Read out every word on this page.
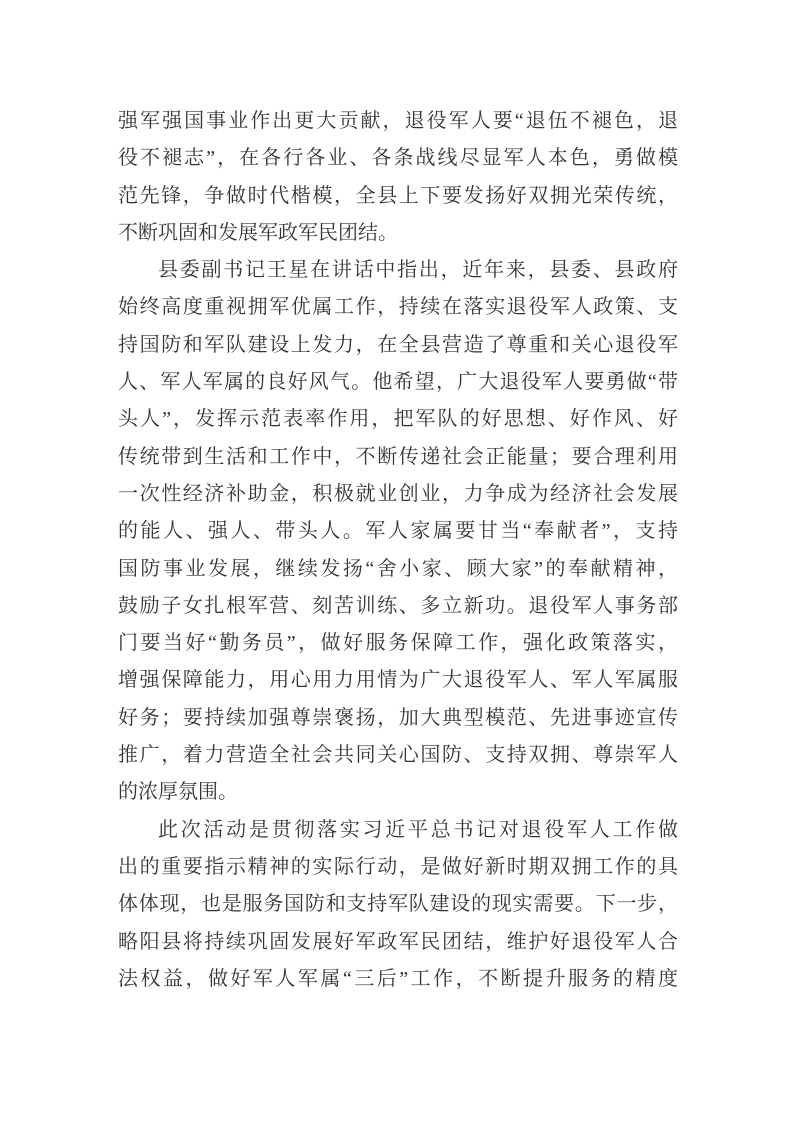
强军强国事业作出更大贡献，退役军人要“退伍不褪色，退
役不褪志”，在各行各业、各条战线尽显军人本色，勇做模
范先锋，争做时代楷模，全县上下要发扬好双拥光荣传统，
不断巩固和发展军政军民团结。
县委副书记王星在讲话中指出，近年来，县委、县政府
始终高度重视拥军优属工作，持续在落实退役军人政策、支
持国防和军队建设上发力，在全县营造了尊重和关心退役军
人、军人军属的良好风气。他希望，广大退役军人要勇做“带
头人”，发挥示范表率作用，把军队的好思想、好作风、好
传统带到生活和工作中，不断传递社会正能量；要合理利用
一次性经济补助金，积极就业创业，力争成为经济社会发展
的能人、强人、带头人。军人家属要甘当“奉献者”，支持
国防事业发展，继续发扬“舍小家、顾大家”的奉献精神，
鼓励子女扎根军营、刻苦训练、多立新功。退役军人事务部
门要当好“勤务员”，做好服务保障工作，强化政策落实，
增强保障能力，用心用力用情为广大退役军人、军人军属服
好务；要持续加强尊崇褒扬，加大典型模范、先进事迹宣传
推广，着力营造全社会共同关心国防、支持双拥、尊崇军人
的浓厚氛围。
此次活动是贯彻落实习近平总书记对退役军人工作做
出的重要指示精神的实际行动，是做好新时期双拥工作的具
体体现，也是服务国防和支持军队建设的现实需要。下一步，
略阳县将持续巩固发展好军政军民团结，维护好退役军人合
法权益，做好军人军属“三后”工作，不断提升服务的精度
